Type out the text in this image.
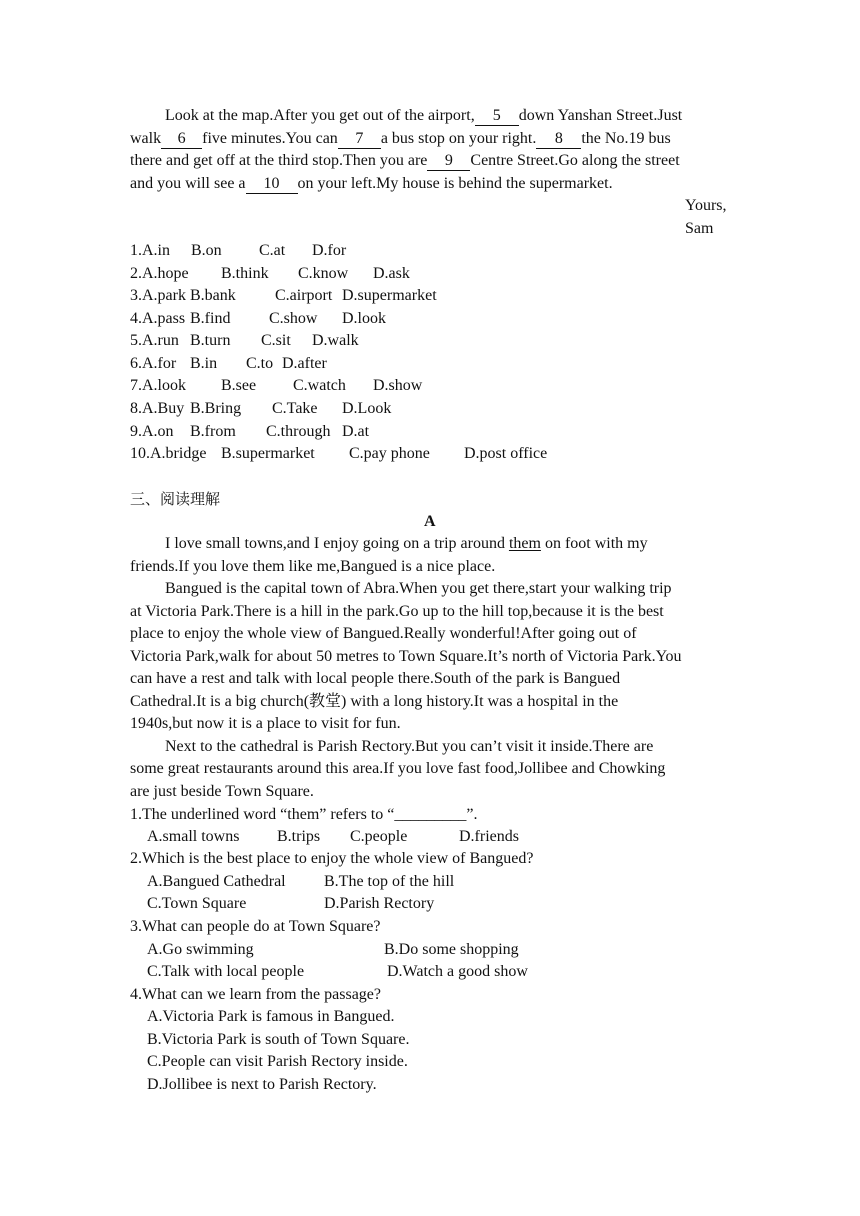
Look at the map.After you get out of the airport, 5 down Yanshan Street.Just
walk 6 five minutes.You can 7 a bus stop on your right. 8 the No.19 bus
there and get off at the third stop.Then you are 9 Centre Street.Go along the street
and you will see a 10 on your left.My house is behind the supermarket.
Yours,
Sam
1.A.in B.on C.at D.for
2.A.hope B.think C.know D.ask
3.A.park B.bank C.airport D.supermarket
4.A.pass B.find C.show D.look
5.A.run B.turn C.sit D.walk
6.A.for B.in C.to D.after
7.A.look B.see C.watch D.show
8.A.Buy B.Bring C.Take D.Look
9.A.on B.from C.through D.at
10.A.bridge B.supermarket C.pay phone D.post office
三、阅读理解
A
I love small towns,and I enjoy going on a trip around them on foot with my
friends.If you love them like me,Bangued is a nice place.
Bangued is the capital town of Abra.When you get there,start your walking trip
at Victoria Park.There is a hill in the park.Go up to the hill top,because it is the best
place to enjoy the whole view of Bangued.Really wonderful!After going out of
Victoria Park,walk for about 50 metres to Town Square.It’s north of Victoria Park.You
can have a rest and talk with local people there.South of the park is Bangued
Cathedral.It is a big church(教堂) with a long history.It was a hospital in the
1940s,but now it is a place to visit for fun.
Next to the cathedral is Parish Rectory.But you can’t visit it inside.There are
some great restaurants around this area.If you love fast food,Jollibee and Chowking
are just beside Town Square.
1.The underlined word “them” refers to “_________”.
A.small towns B.trips C.people	D.friends
2.Which is the best place to enjoy the whole view of Bangued?
A.Bangued Cathedral B.The top of the hill
C.Town Square	D.Parish Rectory
3.What can people do at Town Square?
A.Go swimming	B.Do some shopping
C.Talk with local people	D.Watch a good show
4.What can we learn from the passage?
A.Victoria Park is famous in Bangued.
B.Victoria Park is south of Town Square.
C.People can visit Parish Rectory inside.
D.Jollibee is next to Parish Rectory.
